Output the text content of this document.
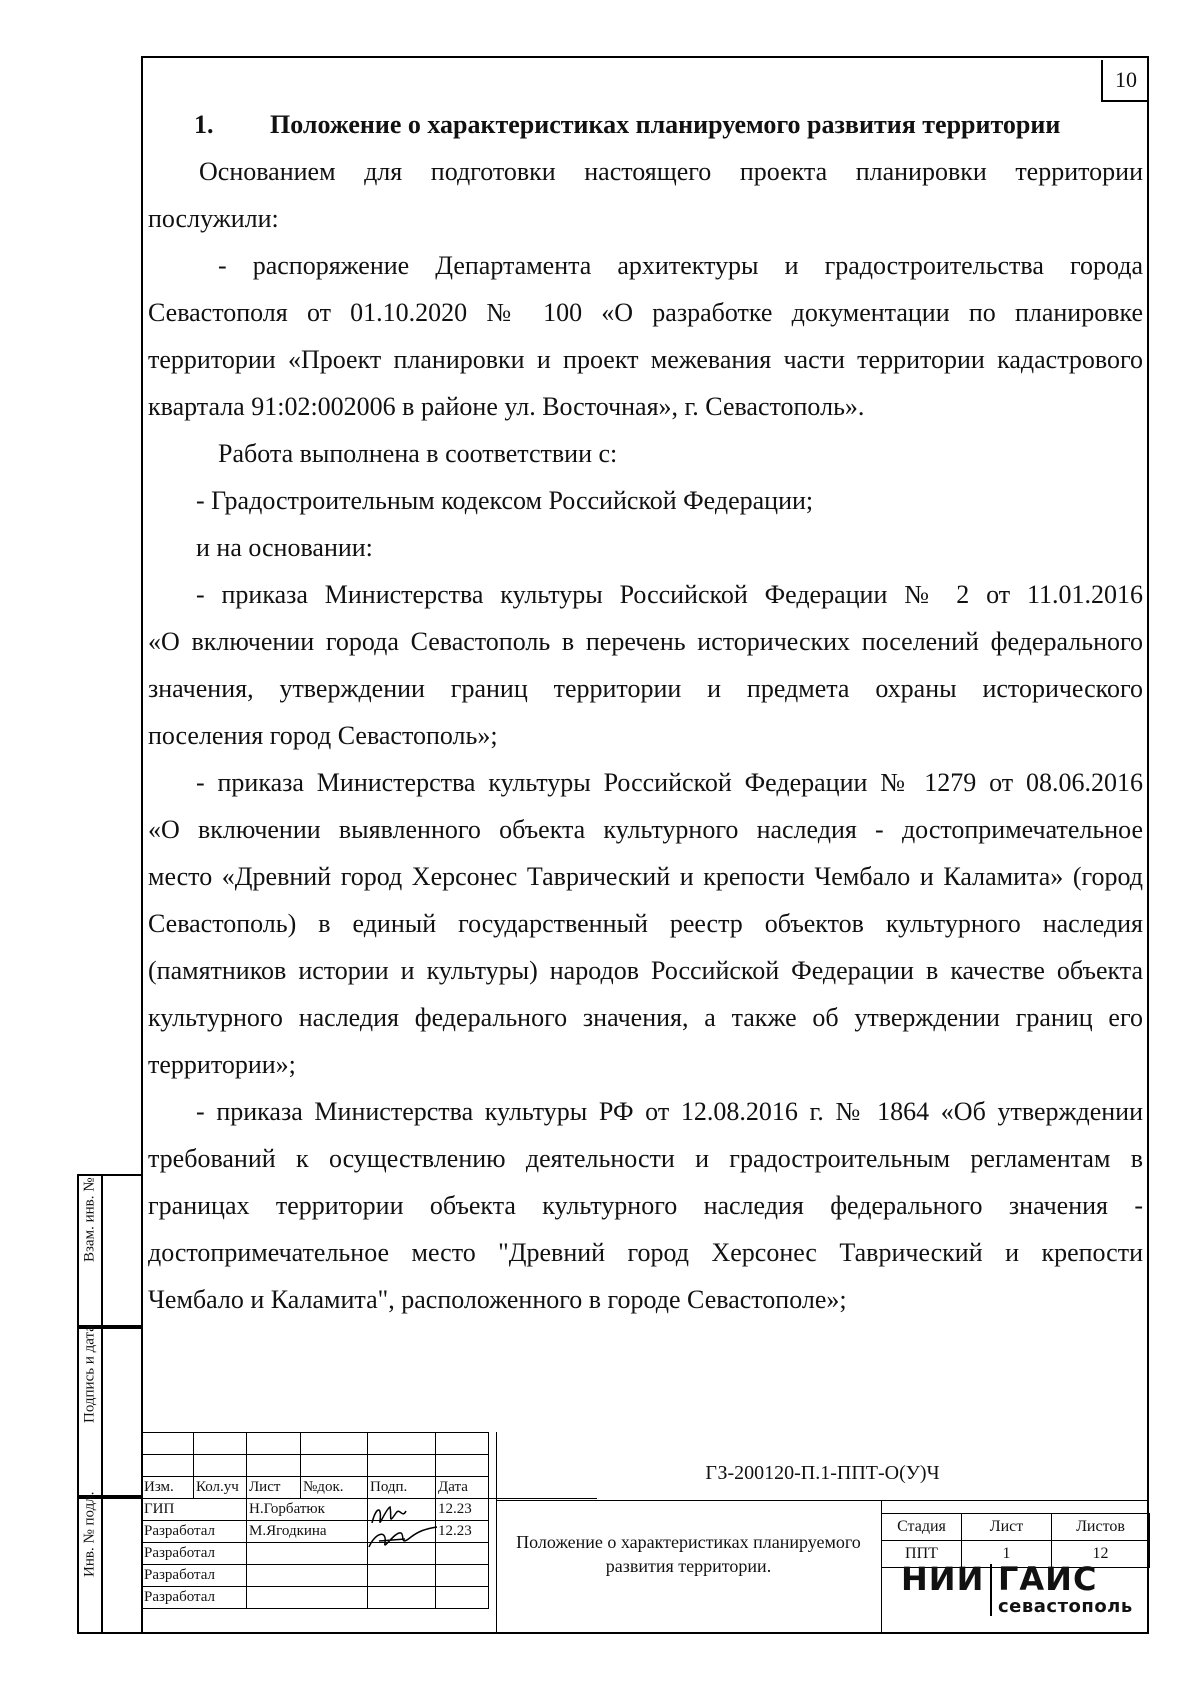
10
1.	Положение о характеристиках планируемого развития территории
Основанием для подготовки настоящего проекта планировки территории
послужили:
- распоряжение Департамента архитектуры и градостроительства города
Севастополя от 01.10.2020 № 100 «О разработке документации по планировке
территории «Проект планировки и проект межевания части территории кадастрового
квартала 91:02:002006 в районе ул. Восточная», г. Севастополь».
Работа выполнена в соответствии с:
- Градостроительным кодексом Российской Федерации;
и на основании:
- приказа Министерства культуры Российской Федерации № 2 от 11.01.2016
«О включении города Севастополь в перечень исторических поселений федерального
значения, утверждении границ территории и предмета охраны исторического
поселения город Севастополь»;
- приказа Министерства культуры Российской Федерации № 1279 от 08.06.2016
«О включении выявленного объекта культурного наследия - достопримечательное
место «Древний город Херсонес Таврический и крепости Чембало и Каламита» (город
Севастополь) в единый государственный реестр объектов культурного наследия
(памятников истории и культуры) народов Российской Федерации в качестве объекта
культурного наследия федерального значения, а также об утверждении границ его
территории»;
- приказа Министерства культуры РФ от 12.08.2016 г. № 1864 «Об утверждении
требований к осуществлению деятельности и градостроительным регламентам в
границах территории объекта культурного наследия федерального значения -
достопримечательное место "Древний город Херсонес Таврический и крепости
Чембало и Каламита", расположенного в городе Севастополе»;
Взам. инв. №
Подпись и дата
Инв. № подл.

Изм.	Кол.уч	Лист	№док.	Подп.	Дата	
ГИП		Н.Горбатюк			12.23	
Разработал		М.Ягодкина			12.23	
Разработал						
Разработал						
Разработал						
ГЗ-200120-П.1-ППТ-О(У)Ч
Положение о характеристиках планируемого развития территории.
Стадия	Лист	Листов
ППТ	1	12
НИИ ГАИС
севастополь
